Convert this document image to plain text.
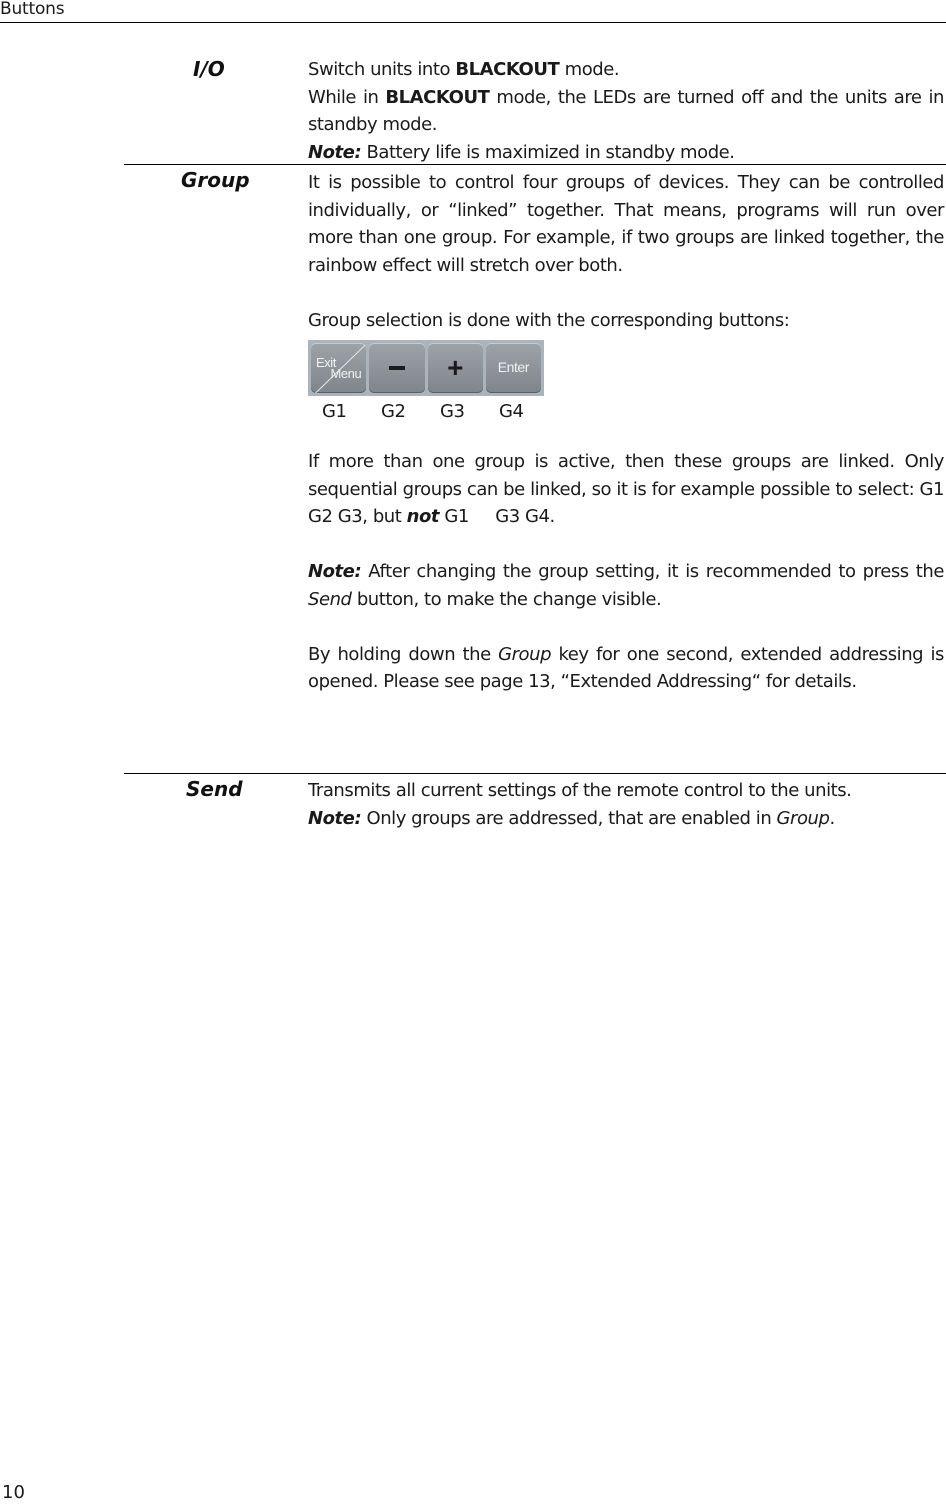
Buttons
I/O	Switch units into BLACKOUT mode.

While in BLACKOUT mode, the LEDs are turned off and the units are in standby mode.

Note: Battery life is maximized in standby mode.

Group	It is possible to control four groups of devices. They can be controlled individually, or “linked” together. That means, programs will run over more than one group. For example, if two groups are linked together, the rainbow effect will stretch over both.

Group selection is done with the corresponding buttons:

Exit
Menu	+ Enter
G1 G2 G3 G4

If more than one group is active, then these groups are linked. Only sequential groups can be linked, so it is for example possible to select: G1 G2 G3, but not G1 G3 G4.

Note: After changing the group setting, it is recommended to press the Send button, to make the change visible.

By holding down the Group key for one second, extended addressing is opened. Please see page 13, “Extended Addressing“ for details.

Send	Transmits all current settings of the remote control to the units.

Note: Only groups are addressed, that are enabled in Group.

10
